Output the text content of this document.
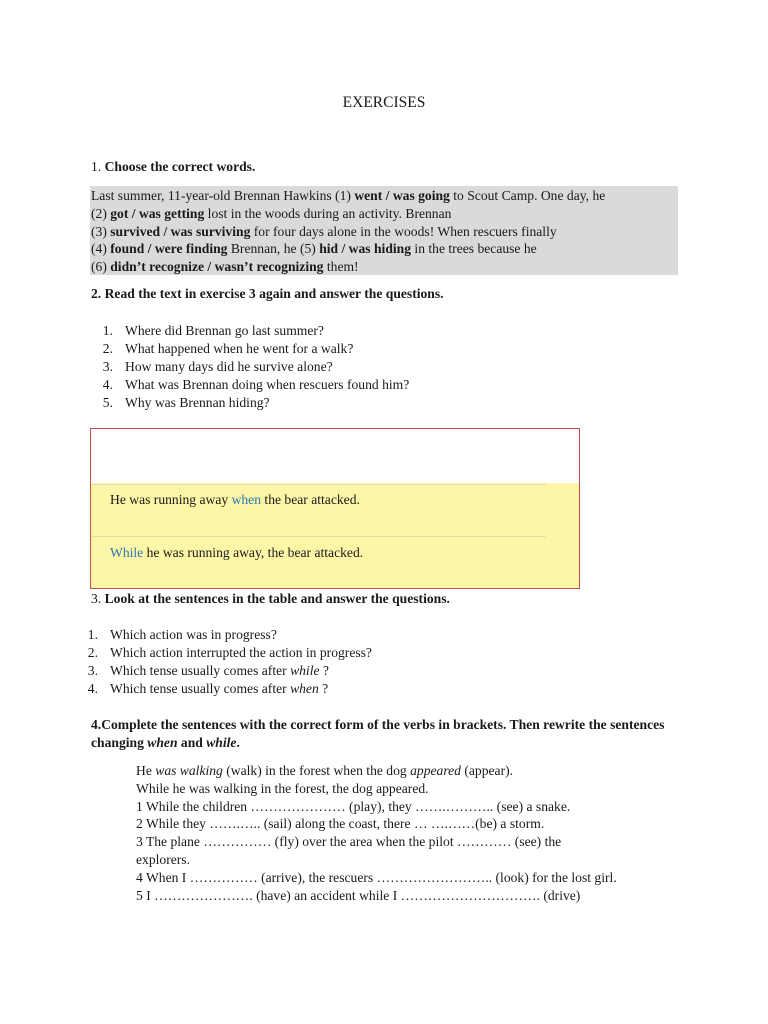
EXERCISES
1. Choose the correct words.
Last summer, 11-year-old Brennan Hawkins (1) went / was going to Scout Camp. One day, he
(2) got / was getting lost in the woods during an activity. Brennan
(3) survived / was surviving for four days alone in the woods! When rescuers finally
(4) found / were finding Brennan, he (5) hid / was hiding in the trees because he
(6) didn’t recognize / wasn’t recognizing them!
2. Read the text in exercise 3 again and answer the questions.
1. Where did Brennan go last summer?
2. What happened when he went for a walk?
3. How many days did he survive alone?
4. What was Brennan doing when rescuers found him?
5. Why was Brennan hiding?
He was running away when the bear attacked.
While he was running away, the bear attacked.
3. Look at the sentences in the table and answer the questions.
1. Which action was in progress?
2. Which action interrupted the action in progress?
3. Which tense usually comes after while ?
4. Which tense usually comes after when ?
4.Complete the sentences with the correct form of the verbs in brackets. Then rewrite the sentences changing when and while.
He was walking (walk) in the forest when the dog appeared (appear).
While he was walking in the forest, the dog appeared.
1 While the children ………………… (play), they …….……….. (see) a snake.
2 While they …….….. (sail) along the coast, there … ….……(be) a storm.
3 The plane …………… (fly) over the area when the pilot ………… (see) the
explorers.
4 When I …………… (arrive), the rescuers …………………….. (look) for the lost girl.
5 I …………………. (have) an accident while I …………………………. (drive)
